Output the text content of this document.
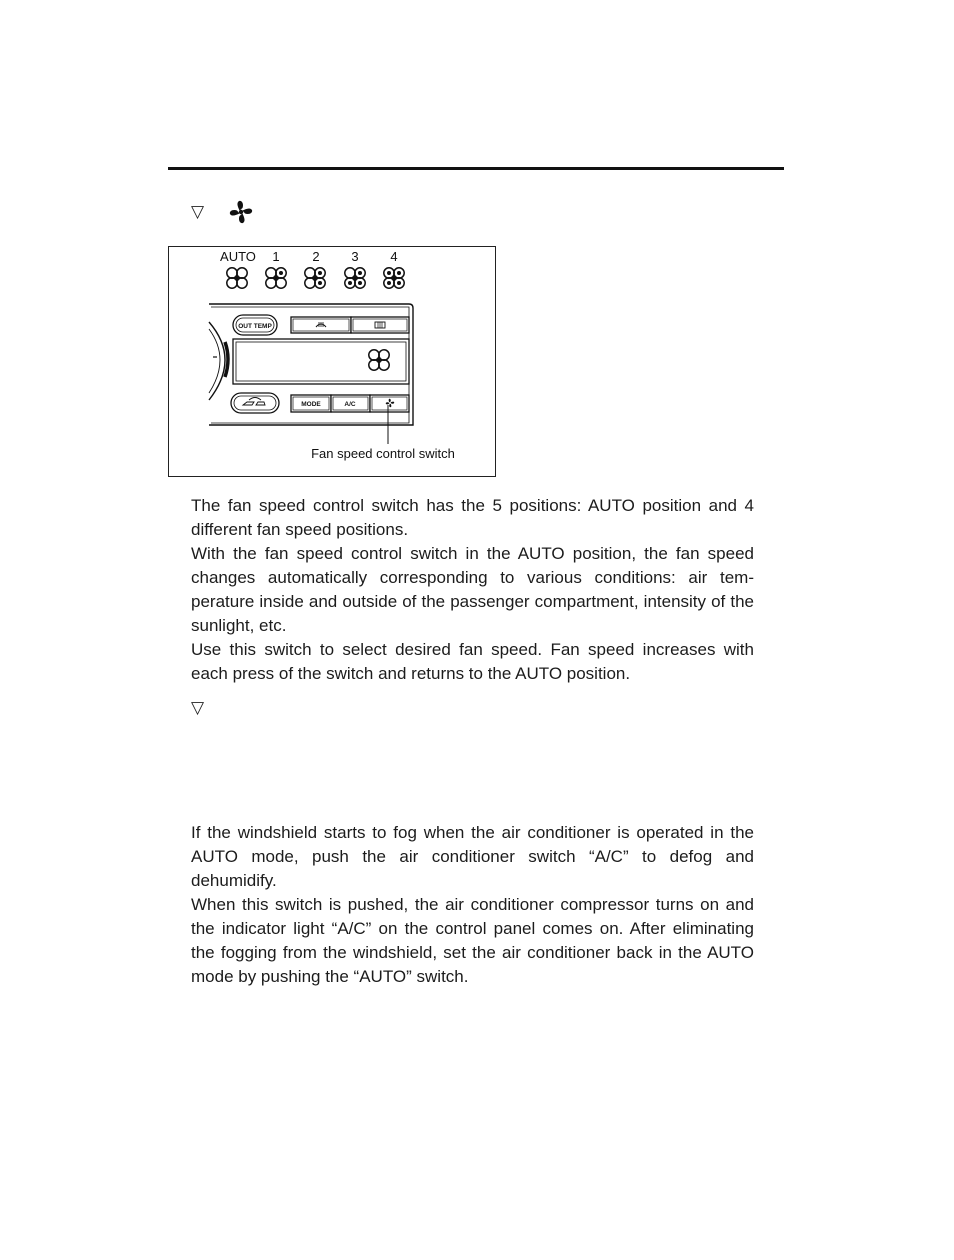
▽
AUTO 1	2 3 4
OUT TEMP
MODE	A/C
Fan speed control switch

The fan speed control switch has the 5 positions: AUTO position and 4 different fan speed positions.

With the fan speed control switch in the AUTO position, the fan speed changes automatically corresponding to various conditions: air tem-perature inside and outside of the passenger compartment, intensity of the sunlight, etc.

Use this switch to select desired fan speed. Fan speed increases with each press of the switch and returns to the AUTO position.

▽

If the windshield starts to fog when the air conditioner is operated in the AUTO mode, push the air conditioner switch “A/C” to defog and dehumidify.

When this switch is pushed, the air conditioner compressor turns on and the indicator light “A/C” on the control panel comes on. After eliminating the fogging from the windshield, set the air conditioner back in the AUTO mode by pushing the “AUTO” switch.
